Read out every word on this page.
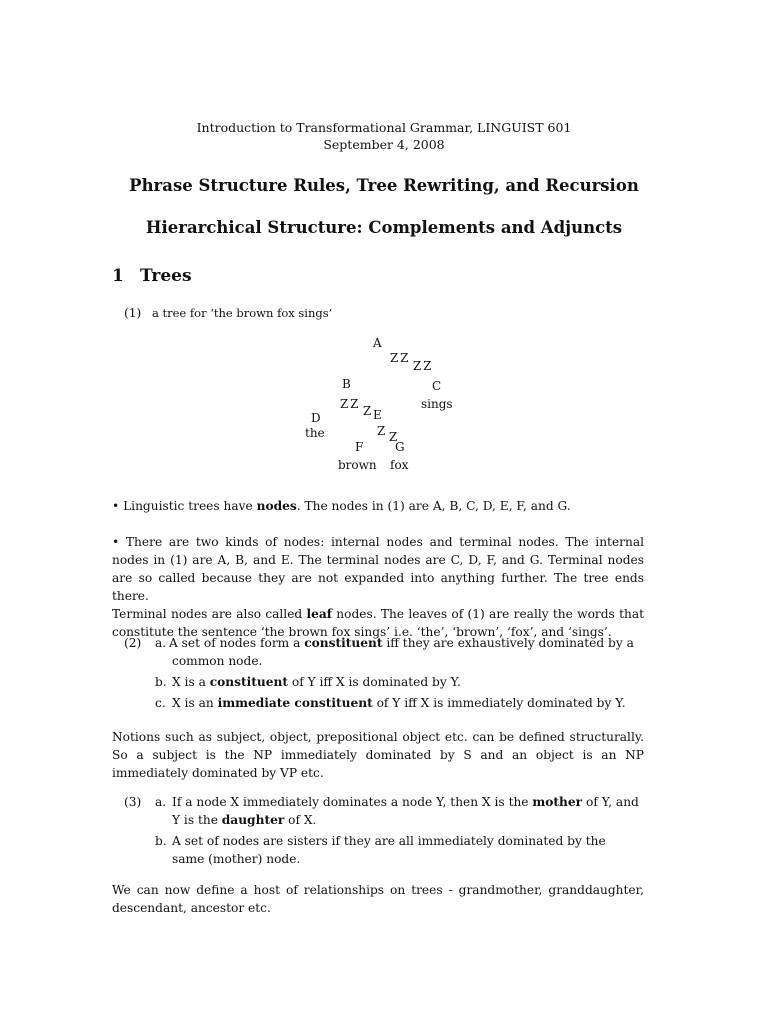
Introduction to Transformational Grammar, LINGUIST 601
September 4, 2008
Phrase Structure Rules, Tree Rewriting, and Recursion
Hierarchical Structure: Complements and Adjuncts
1 Trees
(1) a tree for ‘the brown fox sings’
A
Z Z
Z Z
B	C
sings
Z Z Z E
D
the	Z Z
F	G
brown fox
• Linguistic trees have nodes. The nodes in (1) are A, B, C, D, E, F, and G.
• There are two kinds of nodes: internal nodes and terminal nodes. The internal nodes in (1) are A, B, and E. The terminal nodes are C, D, F, and G. Terminal nodes are so called because they are not expanded into anything further. The tree ends there.
Terminal nodes are also called leaf nodes. The leaves of (1) are really the words that constitute the sentence ‘the brown fox sings’ i.e. ‘the’, ‘brown’, ‘fox’, and ‘sings’.
(2) a. A set of nodes form a constituent iff they are exhaustively dominated by a common node.
b. X is a constituent of Y iff X is dominated by Y.
c. X is an immediate constituent of Y iff X is immediately dominated by Y.
Notions such as subject, object, prepositional object etc. can be defined structurally. So a subject is the NP immediately dominated by S and an object is an NP immediately dominated by VP etc.
(3) a. If a node X immediately dominates a node Y, then X is the mother of Y, and Y is the daughter of X.
b. A set of nodes are sisters if they are all immediately dominated by the same (mother) node.
We can now define a host of relationships on trees - grandmother, granddaughter, descendant, ancestor etc.
